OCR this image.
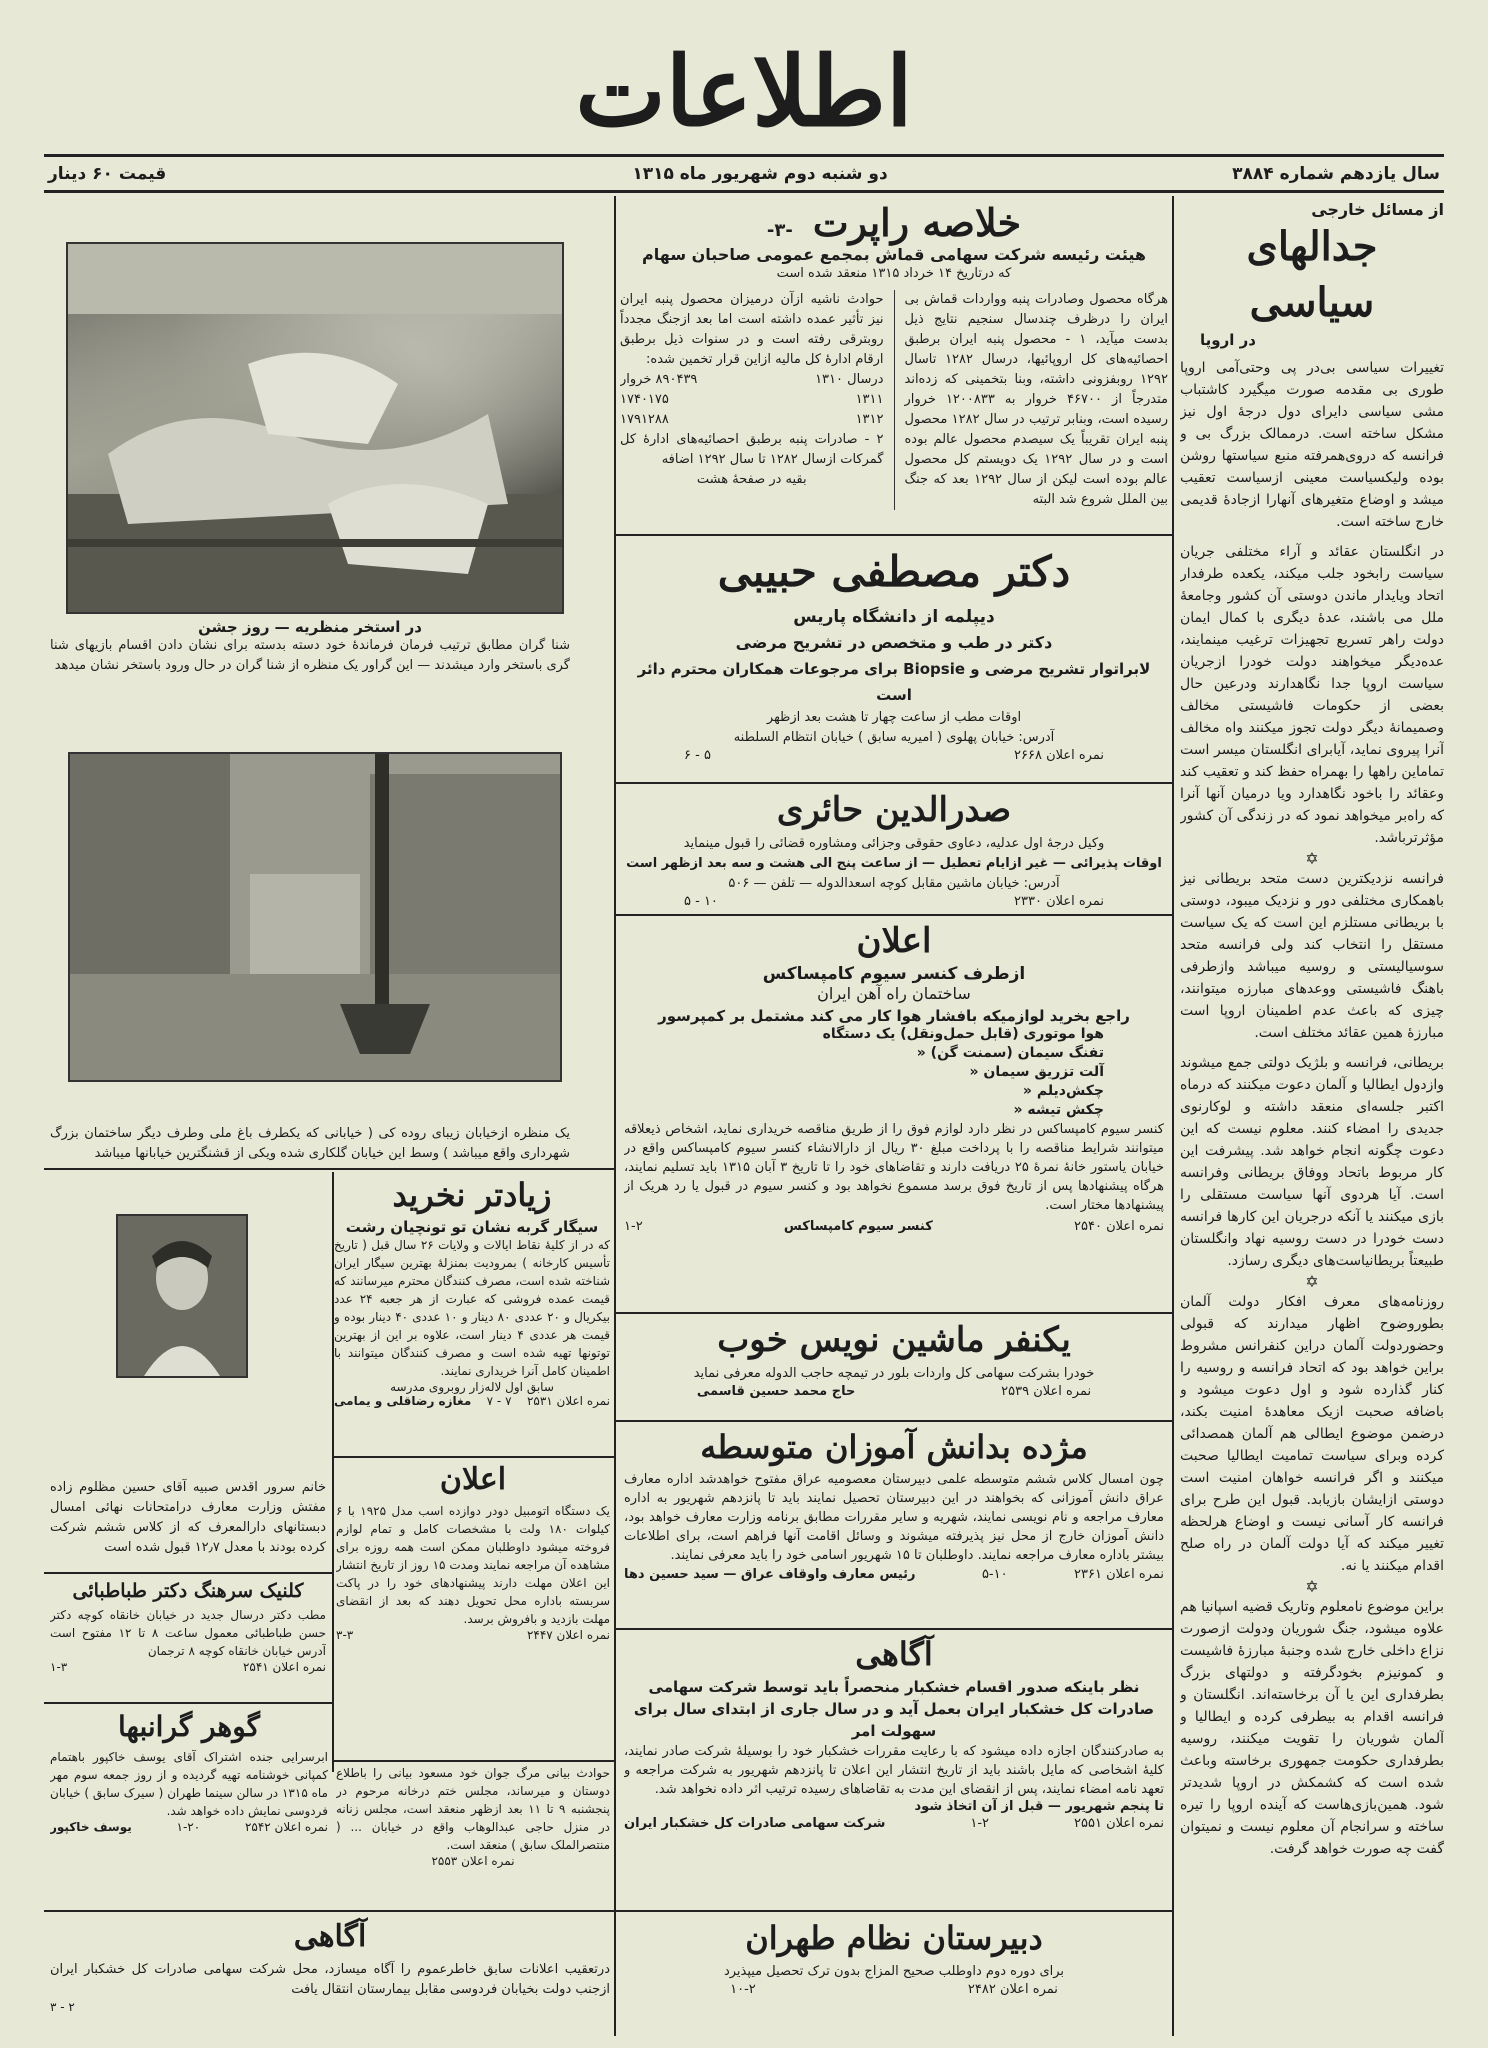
اطلاعات
سال یازدهم شماره ۳۸۸۴
دو شنبه دوم شهریور ماه ۱۳۱۵
قیمت ۶۰ دینار
از مسائل خارجی
جدالهای سیاسی
در اروپا
تغییرات سیاسی بی‌در پی وحتی‌آمی اروپا طوری بی مقدمه صورت میگیرد کاشتباب مشی سیاسی دایرای دول درجهٔ اول نیز مشکل ساخته است. درممالک بزرگ بی و فرانسه که دروی‌همرفته منبع سیاستها روشن بوده ولیکسیاست معینی ازسیاست تعقیب میشد و اوضاع متغیرهای آنهارا ازجادهٔ قدیمی خارج ساخته است.
در انگلستان عقائد و آراء مختلفی جریان سیاست رابخود جلب میکند، یکعده طرفدار اتحاد ویایدار ماندن دوستی آن کشور وجامعهٔ ملل می باشند، عدهٔ دیگری با کمال ایمان دولت راهر تسریع تجهیزات ترغیب مینمایند، عده‌دیگر میخواهند دولت خودرا ازجریان سیاست اروپا جدا نگاهدارند ودرعین حال بعضی از حکومات فاشیستی مخالف وصمیمانهٔ دیگر دولت تجوز میکنند واه مخالف آنرا پیروی نماید، آیابرای انگلستان میسر است تماماین راهها را بهمراه حفظ کند و تعقیب کند وعقائد را باخود نگاهدارد ویا درمیان آنها آنرا که راه‌بر میخواهد نمود که در زندگی آن کشور مؤثرترباشد.
✡
فرانسه نزدیکترین دست متحد بریطانی نیز باهمکاری مختلفی دور و نزدیک میبود، دوستی با بریطانی مستلزم این است که یک سیاست مستقل را انتخاب کند ولی فرانسه متحد سوسیالیستی و روسیه میباشد وازطرفی باهنگ فاشیستی ووعدهای مبارزه میتوانند، چیزی که باعث عدم اطمینان اروپا است مبارزهٔ همین عقائد مختلف است.
بریطانی، فرانسه و بلژیک دولتی جمع میشوند وازدول ایطالیا و آلمان دعوت میکنند که درماه اکتبر جلسه‌ای منعقد داشته و لوکارنوی جدیدی را امضاء کنند. معلوم نیست که این دعوت چگونه انجام خواهد شد. پیشرفت این کار مربوط باتحاد ووفاق بریطانی وفرانسه است. آیا هردوی آنها سیاست مستقلی را بازی میکنند یا آنکه درجریان این کارها فرانسه دست خودرا در دست روسیه نهاد وانگلستان طبیعتاً بریطانیاست‌های دیگری رسازد.
✡
روزنامه‌های معرف افکار دولت آلمان بطوروضوح اظهار میدارند که قبولی وحضوردولت آلمان دراین کنفرانس مشروط براین خواهد بود که اتحاد فرانسه و روسیه را کنار گذارده شود و اول دعوت میشود و باضافه صحبت ازیک معاهدهٔ امنیت بکند، درضمن موضوع ایطالی هم آلمان همصدائی کرده وبرای سیاست تمامیت ایطالیا صحبت میکنند و اگر فرانسه خواهان امنیت است دوستی ازایشان بازیابد. قبول این طرح برای فرانسه کار آسانی نیست و اوضاع هرلحظه تغییر میکند که آیا دولت آلمان در راه صلح اقدام میکنند یا نه.
✡
براین موضوع نامعلوم وتاریک قضیه اسپانیا هم علاوه میشود، جنگ شوریان ودولت ازصورت نزاع داخلی خارج شده وجنبهٔ مبارزهٔ فاشیست و کمونیزم بخودگرفته و دولتهای بزرگ بطرفداری این یا آن برخاسته‌اند. انگلستان و فرانسه اقدام به بیطرفی کرده و ایطالیا و آلمان شوریان را تقویت میکنند، روسیه بطرفداری حکومت جمهوری برخاسته وباعث شده است که کشمکش در اروپا شدیدتر شود. همین‌بازی‌هاست که آینده اروپا را تیره ساخته و سرانجام آن معلوم نیست و نمیتوان گفت چه صورت خواهد گرفت.
خلاصه راپرت
-۳-
هیئت رئیسه شرکت سهامی قماش بمجمع عمومی صاحبان سهام
که درتاریخ ۱۴ خرداد ۱۳۱۵ منعقد شده است
هرگاه محصول وصادرات پنبه وواردات قماش بی ایران را درظرف چندسال سنجیم نتایج ذیل بدست میآید، ۱ - محصول پنبه ایران برطبق احصائیه‌های کل اروپائیها، درسال ۱۲۸۲ تاسال ۱۲۹۲ روبفزونی داشته، وبنا بتخمینی که زده‌اند متدرجاً از ۴۶۷۰۰ خروار به ۱۲۰۰۸۳۳ خروار رسیده است، وبنابر ترتیب در سال ۱۲۸۲ محصول پنبه ایران تقریباً یک سیصدم محصول عالم بوده است و در سال ۱۲۹۲ یک دویستم کل محصول عالم بوده است لیکن از سال ۱۲۹۲ بعد که جنگ بین الملل شروع شد البته
حوادث ناشیه ازآن درمیزان محصول پنبه ایران نیز تأثیر عمده داشته است اما بعد ازجنگ مجدداً روبترقی رفته است و در سنوات ذیل برطبق ارقام ادارهٔ کل مالیه ازاین قرار تخمین شده:
درسال ۱۳۱۰
۸۹۰۴۳۹ خروار
۱۳۱۱
۱۷۴۰۱۷۵
۱۳۱۲
۱۷۹۱۲۸۸
۲ - صادرات پنبه برطبق احصائیه‌های ادارهٔ کل گمرکات ازسال ۱۲۸۲ تا سال ۱۲۹۲ اضافه
بقیه در صفحهٔ هشت
دکتر مصطفی حبیبی
دیپلمه از دانشگاه پاریس
دکتر در طب و متخصص در تشریح مرضی
لابراتوار تشریح مرضی و Biopsie برای مرجوعات همکاران محترم دائر است
اوقات مطب از ساعت چهار تا هشت بعد ازظهر
آدرس: خیابان پهلوی ( امیریه سابق ) خیابان انتظام السلطنه
نمره اعلان ۲۶۶۸
۵ - ۶
صدرالدین حائری
وکیل درجهٔ اول عدلیه، دعاوی حقوقی وجزائی ومشاوره قضائی را قبول مینماید
اوقات پذیرائی — غیر ازایام تعطیل — از ساعت پنج الی هشت و سه بعد ازظهر است
آدرس: خیابان ماشین مقابل کوچه اسعدالدوله — تلفن — ۵۰۶
نمره اعلان ۲۳۳۰
۱۰ - ۵
اعلان
ازطرف کنسر سیوم کامپساکس
ساختمان راه آهن ایران
راجع بخرید لوازمیکه بافشار هوا کار می کند مشتمل بر کمپرسور
هوا موتوری (قابل حمل‌ونقل) یک دستگاه
تفنگ سیمان (سمنت گن) «
آلت تزریق سیمان «
چکش‌دیلم «
چکش تیشه «
کنسر سیوم کامپساکس در نظر دارد لوازم فوق را از طریق مناقصه خریداری نماید، اشخاص ذیعلاقه میتوانند شرایط مناقصه را با پرداخت مبلغ ۳۰ ریال از دارالانشاء کنسر سیوم کامپساکس واقع در خیابان یاستور خانهٔ نمرهٔ ۲۵ دریافت دارند و تقاضاهای خود را تا تاریخ ۳ آبان ۱۳۱۵ باید تسلیم نمایند، هرگاه پیشنهادها پس از تاریخ فوق برسد مسموع نخواهد بود و کنسر سیوم در قبول یا رد هریک از پیشنهادها مختار است.
نمره اعلان ۲۵۴۰
کنسر سیوم کامپساکس
۱-۲
یکنفر ماشین نویس خوب
خودرا بشرکت سهامی کل واردات بلور در تیمچه حاجب الدوله معرفی نماید
نمره اعلان ۲۵۳۹
حاج محمد حسین قاسمی
مژده بدانش آموزان متوسطه
چون امسال کلاس ششم متوسطه علمی دبیرستان معصومیه عراق مفتوح خواهدشد اداره معارف عراق دانش آموزانی که بخواهند در این دبیرستان تحصیل نمایند باید تا پانزدهم شهریور به اداره معارف مراجعه و نام نویسی نمایند، شهریه و سایر مقررات مطابق برنامه وزارت معارف خواهد بود، دانش آموزان خارج از محل نیز پذیرفته میشوند و وسائل اقامت آنها فراهم است، برای اطلاعات بیشتر باداره معارف مراجعه نمایند. داوطلبان تا ۱۵ شهریور اسامی خود را باید معرفی نمایند.
نمره اعلان ۲۳۶۱
۵-۱۰
رئیس معارف واوقاف عراق — سید حسین دها
آگاهی
نظر باینکه صدور اقسام خشکبار منحصراً باید توسط شرکت سهامی صادرات کل خشکبار ایران بعمل آید و در سال جاری از ابتدای سال برای سهولت امر
به صادرکنندگان اجازه داده میشود که با رعایت مقررات خشکبار خود را بوسیلهٔ شرکت صادر نمایند، کلیهٔ اشخاصی که مایل باشند باید از تاریخ انتشار این اعلان تا پانزدهم شهریور به شرکت مراجعه و تعهد نامه امضاء نمایند، پس از انقضای این مدت به تقاضاهای رسیده ترتیب اثر داده نخواهد شد.
تا پنجم شهریور — قبل از آن اتخاذ شود
نمره اعلان ۲۵۵۱
۱-۲
شرکت سهامی صادرات کل خشکبار ایران
دبیرستان نظام طهران
برای دوره دوم داوطلب صحیح المزاج بدون ترک تحصیل میپذیرد
نمره اعلان ۲۴۸۲
۱۰-۲
در استخر منظریه — روز جشن
شنا گران مطابق ترتیب فرمان فرماندهٔ خود دسته بدسته برای نشان دادن اقسام بازیهای شنا گری باستخر وارد میشدند — این گراور یک منظره از شنا گران در حال ورود باستخر نشان میدهد
یک منظره ازخیابان زیبای روده کی ( خیابانی که یکطرف باغ ملی وطرف دیگر ساختمان بزرگ شهرداری واقع میباشد ) وسط این خیابان گلکاری شده ویکی از قشنگترین خیابانها میباشد
زیادتر نخرید
سیگار گربه نشان تو تونچیان رشت
که در از کلیهٔ نقاط ایالات و ولایات ۲۶ سال قبل ( تاریخ تأسیس کارخانه ) بمرودیت بمنزلهٔ بهترین سیگار ایران شناخته شده است، مصرف کنندگان محترم میرسانند که قیمت عمده فروشی که عبارت از هر جعبه ۲۴ عدد بیکریال و ۲۰ عددی ۸۰ دینار و ۱۰ عددی ۴۰ دینار بوده و قیمت هر عددی ۴ دینار است، علاوه بر این از بهترین توتونها تهیه شده است و مصرف کنندگان میتوانند با اطمینان کامل آنرا خریداری نمایند.
سابق اول لاله‌زار روبروی مدرسه
نمره اعلان ۲۵۳۱
۷ - ۷
مغازه رضاقلی و یمامی
خانم سرور اقدس صبیه آقای حسین مظلوم زاده مفتش وزارت معارف درامتحانات نهائی امسال دبستانهای دارالمعرف که از کلاس ششم شرکت کرده بودند با معدل ۱۲٫۷ قبول شده است
کلنیک سرهنگ دکتر طباطبائی
مطب دکتر درسال جدید در خیابان خانقاه کوچه دکتر حسن طباطبائی معمول ساعت ۸ تا ۱۲ مفتوح است آدرس خیابان خانقاه کوچه ۸ ترجمان
نمره اعلان ۲۵۴۱
۱-۳
اعلان
یک دستگاه اتومبیل دودر دوازده اسب مدل ۱۹۲۵ با ۶ کیلوات ۱۸۰ ولت با مشخصات کامل و تمام لوازم فروخته میشود داوطلبان ممکن است همه روزه برای مشاهده آن مراجعه نمایند ومدت ۱۵ روز از تاریخ انتشار این اعلان مهلت دارند پیشنهادهای خود را در پاکت سربسته باداره محل تحویل دهند که بعد از انقضای مهلت بازدید و بافروش برسد.
نمره اعلان ۲۴۴۷
۳-۳
حوادث بیانی مرگ جوان خود مسعود بیانی را باطلاع دوستان و میرساند، مجلس ختم درخانه مرحوم در پنجشنبه ۹ تا ۱۱ بعد ازظهر منعقد است، مجلس زنانه در منزل حاجی عبدالوهاب واقع در خیابان ... ( منتصرالملک سابق ) منعقد است.
نمره اعلان ۲۵۵۳
گوهر گرانبها
ابرسرایی جنده اشتراک آقای یوسف خاکپور باهتمام کمپانی خوشنامه تهیه گردیده و از روز جمعه سوم مهر ماه ۱۳۱۵ در سالن سینما طهران ( سیرک سابق ) خیابان فردوسی نمایش داده خواهد شد.
نمره اعلان ۲۵۴۲
۱-۲۰
یوسف خاکپور
آگاهی
درتعقیب اعلانات سابق خاطرعموم را آگاه میسازد، محل شرکت سهامی صادرات کل خشکبار ایران ازجنب دولت بخیابان فردوسی مقابل بیمارستان انتقال یافت
۲ - ۳
